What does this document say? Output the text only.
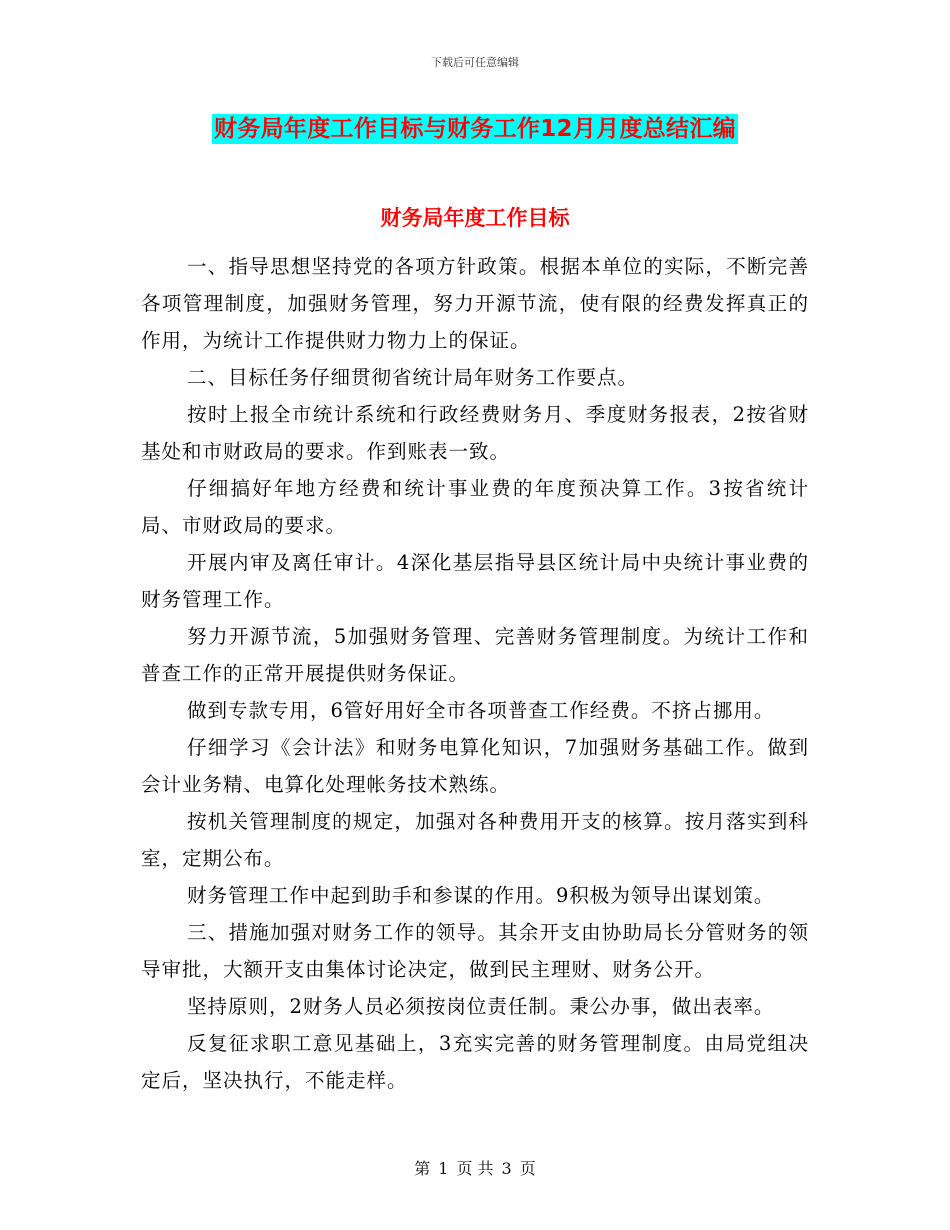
下载后可任意编辑
财务局年度工作目标与财务工作12月月度总结汇编
财务局年度工作目标

一、指导思想坚持党的各项方针政策。根据本单位的实际，不断完善各项管理制度，加强财务管理，努力开源节流，使有限的经费发挥真正的作用，为统计工作提供财力物力上的保证。

二、目标任务仔细贯彻省统计局年财务工作要点。

按时上报全市统计系统和行政经费财务月、季度财务报表，2按省财基处和市财政局的要求。作到账表一致。

仔细搞好年地方经费和统计事业费的年度预决算工作。3按省统计局、市财政局的要求。

开展内审及离任审计。4深化基层指导县区统计局中央统计事业费的财务管理工作。

努力开源节流，5加强财务管理、完善财务管理制度。为统计工作和普查工作的正常开展提供财务保证。

做到专款专用，6管好用好全市各项普查工作经费。不挤占挪用。

仔细学习《会计法》和财务电算化知识，7加强财务基础工作。做到会计业务精、电算化处理帐务技术熟练。

按机关管理制度的规定，加强对各种费用开支的核算。按月落实到科室，定期公布。

财务管理工作中起到助手和参谋的作用。9积极为领导出谋划策。

三、措施加强对财务工作的领导。其余开支由协助局长分管财务的领导审批，大额开支由集体讨论决定，做到民主理财、财务公开。

坚持原则，2财务人员必须按岗位责任制。秉公办事，做出表率。

反复征求职工意见基础上，3充实完善的财务管理制度。由局党组决定后，坚决执行，不能走样。

第 1 页 共 3 页
